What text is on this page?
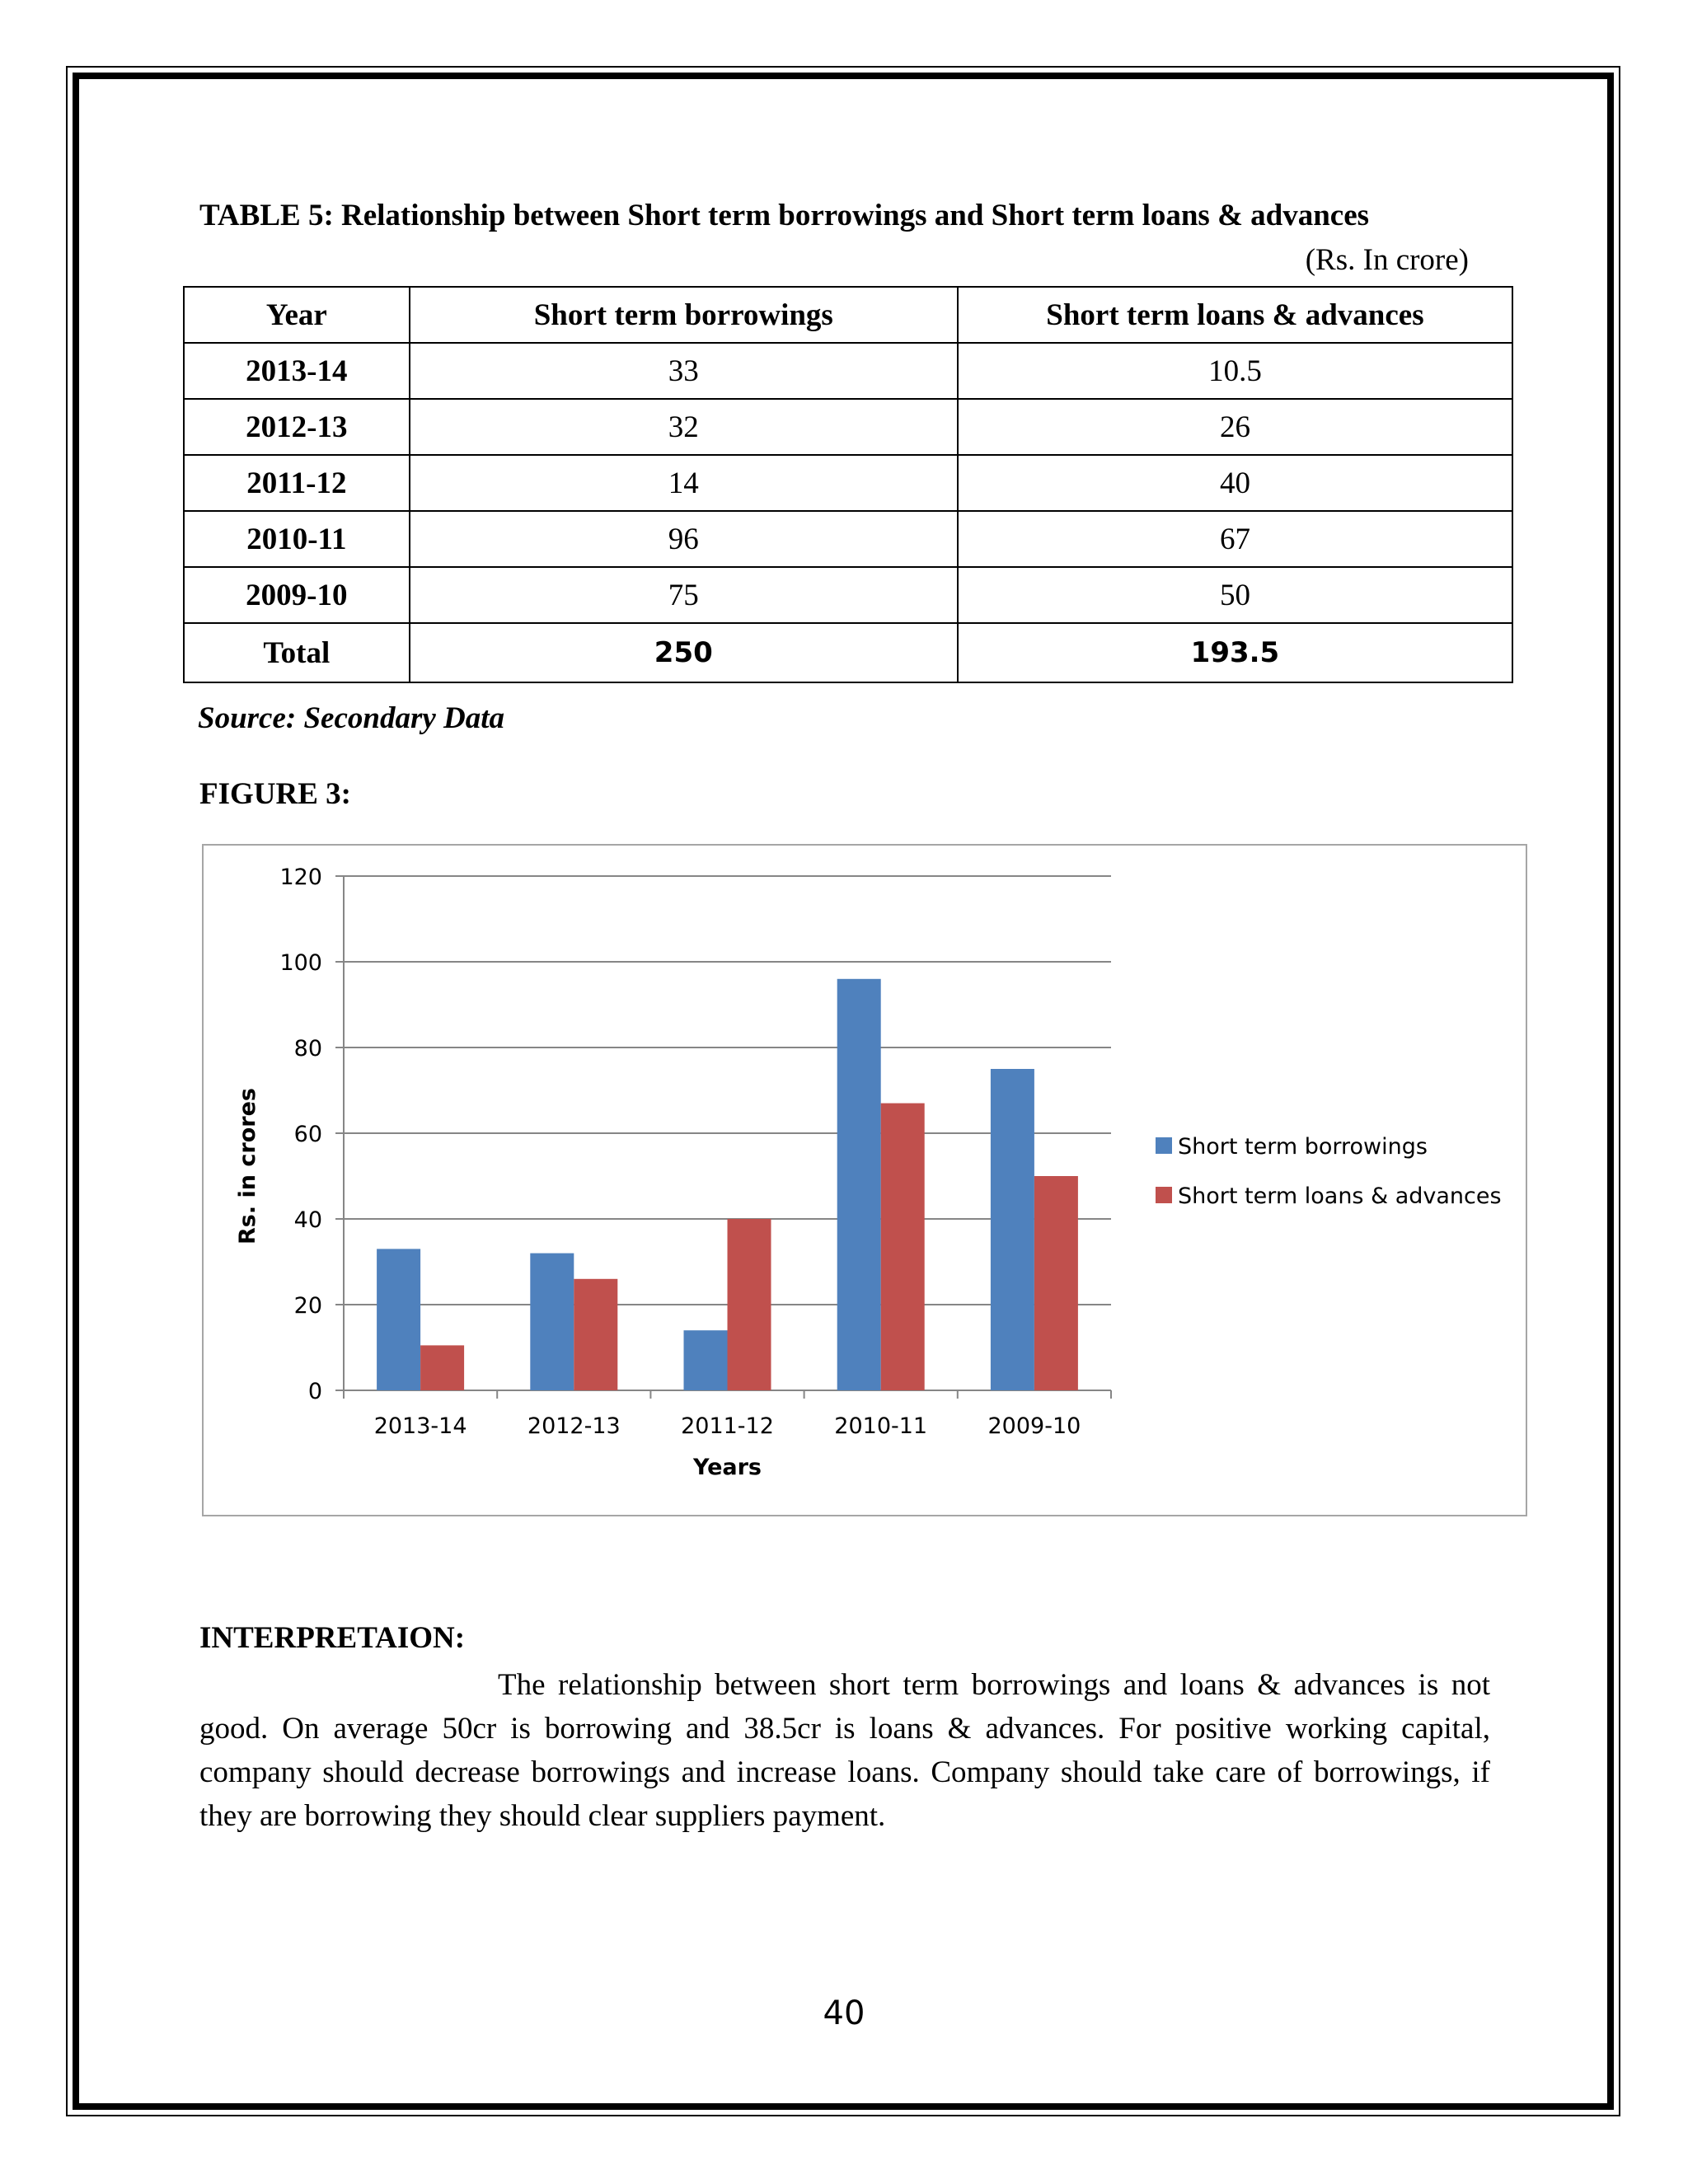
TABLE 5: Relationship between Short term borrowings and Short term loans & advances
(Rs. In crore)
Year	Short term borrowings	Short term loans & advances
2013-14	33	10.5
2012-13	32	26
2011-12	14	40
2010-11	96	67
2009-10	75	50
Total	250	193.5
Source: Secondary Data
FIGURE 3:
0
20
40
60
80
100
120
2013-14	2012-13	2011-12	2010-11	2009-10
Years
Rs. in crores	Short term borrowings
Short term loans & advances
INTERPRETAION:
The relationship between short term borrowings and loans & advances is not good. On average 50cr is borrowing and 38.5cr is loans & advances. For positive working capital, company should decrease borrowings and increase loans. Company should take care of borrowings, if they are borrowing they should clear suppliers payment.
40
